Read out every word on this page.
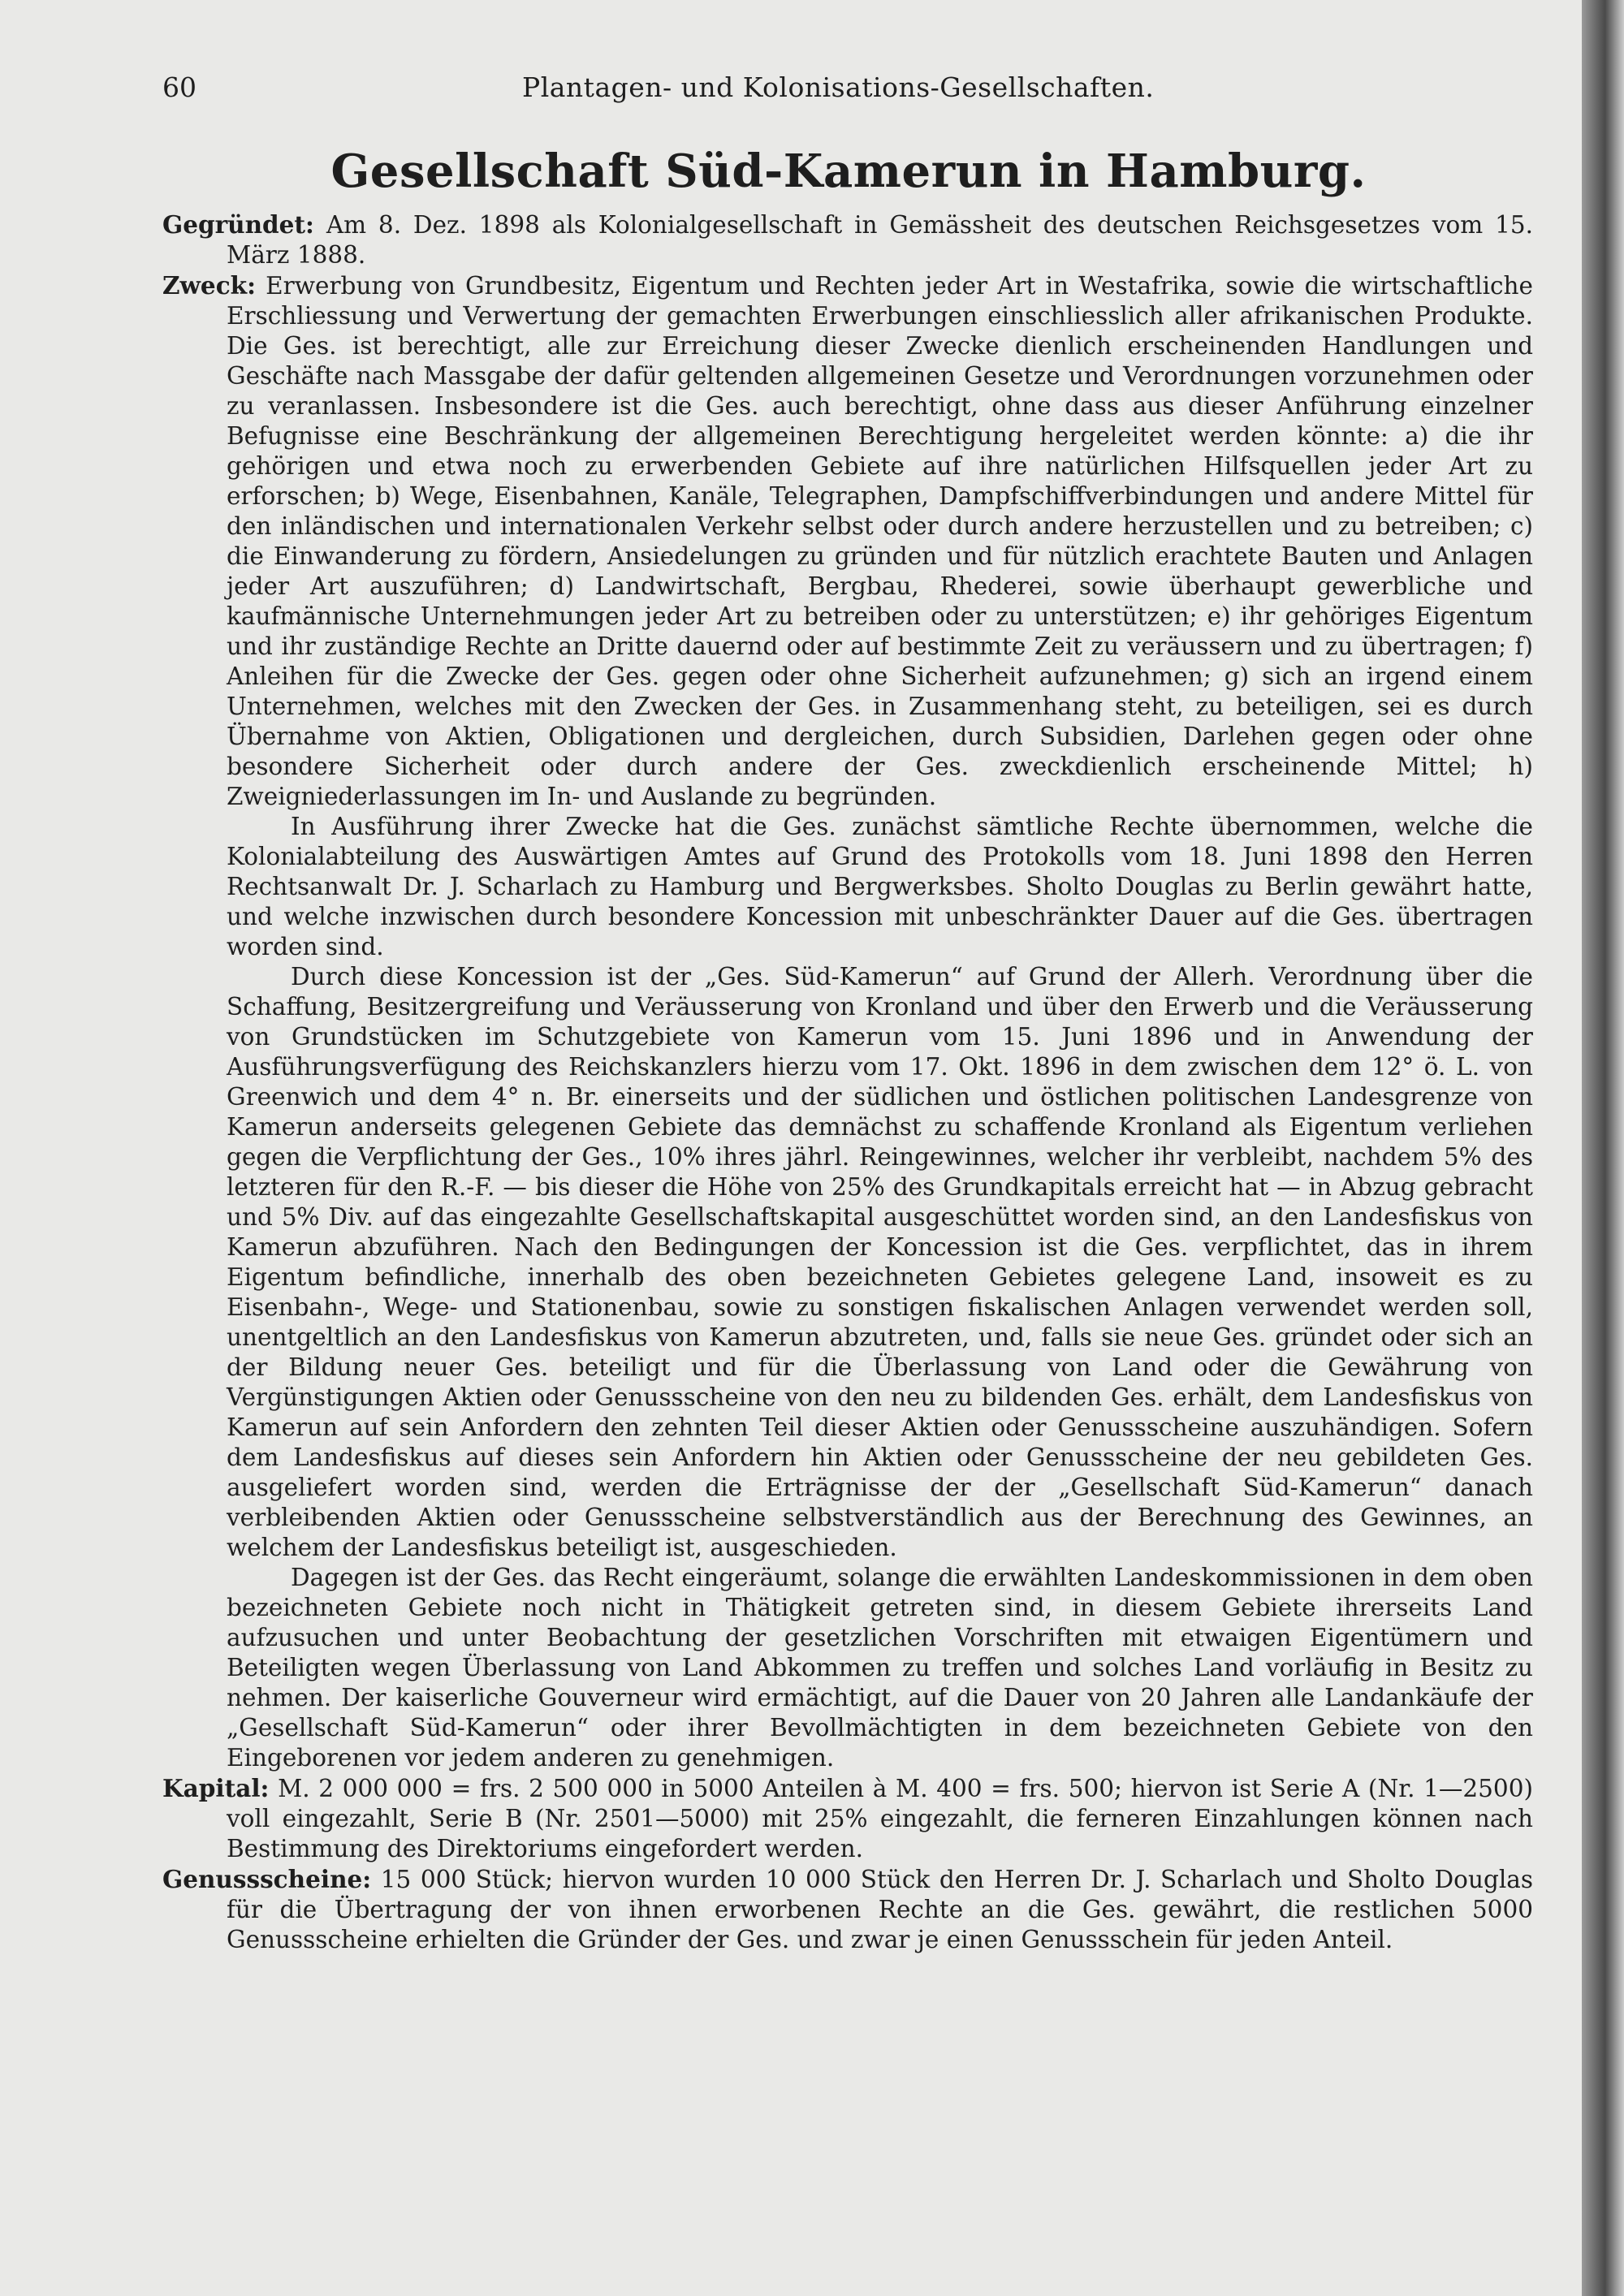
60	Plantagen- und Kolonisations-Gesellschaften.
Gesellschaft Süd-Kamerun in Hamburg.

Gegründet: Am 8. Dez. 1898 als Kolonialgesellschaft in Gemässheit des deutschen Reichsgesetzes vom 15. März 1888.

Zweck: Erwerbung von Grundbesitz, Eigentum und Rechten jeder Art in Westafrika, sowie die wirtschaftliche Erschliessung und Verwertung der gemachten Erwerbungen einschliesslich aller afrikanischen Produkte. Die Ges. ist berechtigt, alle zur Erreichung dieser Zwecke dienlich erscheinenden Handlungen und Geschäfte nach Massgabe der dafür geltenden allgemeinen Gesetze und Verordnungen vorzunehmen oder zu veranlassen. Insbesondere ist die Ges. auch berechtigt, ohne dass aus dieser Anführung einzelner Befugnisse eine Beschränkung der allgemeinen Berechtigung hergeleitet werden könnte: a) die ihr gehörigen und etwa noch zu erwerbenden Gebiete auf ihre natürlichen Hilfsquellen jeder Art zu erforschen; b) Wege, Eisenbahnen, Kanäle, Telegraphen, Dampfschiffverbindungen und andere Mittel für den inländischen und internationalen Verkehr selbst oder durch andere herzustellen und zu betreiben; c) die Einwanderung zu fördern, Ansiedelungen zu gründen und für nützlich erachtete Bauten und Anlagen jeder Art auszuführen; d) Landwirtschaft, Bergbau, Rhederei, sowie überhaupt gewerbliche und kaufmännische Unternehmungen jeder Art zu betreiben oder zu unterstützen; e) ihr gehöriges Eigentum und ihr zuständige Rechte an Dritte dauernd oder auf bestimmte Zeit zu veräussern und zu übertragen; f) Anleihen für die Zwecke der Ges. gegen oder ohne Sicherheit aufzunehmen; g) sich an irgend einem Unternehmen, welches mit den Zwecken der Ges. in Zusammenhang steht, zu beteiligen, sei es durch Übernahme von Aktien, Obligationen und dergleichen, durch Subsidien, Darlehen gegen oder ohne besondere Sicherheit oder durch andere der Ges. zweckdienlich erscheinende Mittel; h) Zweigniederlassungen im In- und Auslande zu begründen.

In Ausführung ihrer Zwecke hat die Ges. zunächst sämtliche Rechte übernommen, welche die Kolonialabteilung des Auswärtigen Amtes auf Grund des Protokolls vom 18. Juni 1898 den Herren Rechtsanwalt Dr. J. Scharlach zu Hamburg und Bergwerksbes. Sholto Douglas zu Berlin gewährt hatte, und welche inzwischen durch besondere Koncession mit unbeschränkter Dauer auf die Ges. übertragen worden sind.

Durch diese Koncession ist der „Ges. Süd-Kamerun“ auf Grund der Allerh. Verordnung über die Schaffung, Besitzergreifung und Veräusserung von Kronland und über den Erwerb und die Veräusserung von Grundstücken im Schutzgebiete von Kamerun vom 15. Juni 1896 und in Anwendung der Ausführungsverfügung des Reichskanzlers hierzu vom 17. Okt. 1896 in dem zwischen dem 12° ö. L. von Greenwich und dem 4° n. Br. einerseits und der südlichen und östlichen politischen Landesgrenze von Kamerun anderseits gelegenen Gebiete das demnächst zu schaffende Kronland als Eigentum verliehen gegen die Verpflichtung der Ges., 10% ihres jährl. Reingewinnes, welcher ihr verbleibt, nachdem 5% des letzteren für den R.-F. — bis dieser die Höhe von 25% des Grundkapitals erreicht hat — in Abzug gebracht und 5% Div. auf das eingezahlte Gesellschaftskapital ausgeschüttet worden sind, an den Landesfiskus von Kamerun abzuführen. Nach den Bedingungen der Koncession ist die Ges. verpflichtet, das in ihrem Eigentum befindliche, innerhalb des oben bezeichneten Gebietes gelegene Land, insoweit es zu Eisenbahn-, Wege- und Stationenbau, sowie zu sonstigen fiskalischen Anlagen verwendet werden soll, unentgeltlich an den Landesfiskus von Kamerun abzutreten, und, falls sie neue Ges. gründet oder sich an der Bildung neuer Ges. beteiligt und für die Überlassung von Land oder die Gewährung von Vergünstigungen Aktien oder Genussscheine von den neu zu bildenden Ges. erhält, dem Landesfiskus von Kamerun auf sein Anfordern den zehnten Teil dieser Aktien oder Genussscheine auszuhändigen. Sofern dem Landesfiskus auf dieses sein Anfordern hin Aktien oder Genussscheine der neu gebildeten Ges. ausgeliefert worden sind, werden die Erträgnisse der der „Gesellschaft Süd-Kamerun“ danach verbleibenden Aktien oder Genussscheine selbstverständlich aus der Berechnung des Gewinnes, an welchem der Landesfiskus beteiligt ist, ausgeschieden.

Dagegen ist der Ges. das Recht eingeräumt, solange die erwählten Landeskommissionen in dem oben bezeichneten Gebiete noch nicht in Thätigkeit getreten sind, in diesem Gebiete ihrerseits Land aufzusuchen und unter Beobachtung der gesetzlichen Vorschriften mit etwaigen Eigentümern und Beteiligten wegen Überlassung von Land Abkommen zu treffen und solches Land vorläufig in Besitz zu nehmen. Der kaiserliche Gouverneur wird ermächtigt, auf die Dauer von 20 Jahren alle Landankäufe der „Gesellschaft Süd-Kamerun“ oder ihrer Bevollmächtigten in dem bezeichneten Gebiete von den Eingeborenen vor jedem anderen zu genehmigen.

Kapital: M. 2 000 000 = frs. 2 500 000 in 5000 Anteilen à M. 400 = frs. 500; hiervon ist Serie A (Nr. 1—2500) voll eingezahlt, Serie B (Nr. 2501—5000) mit 25% eingezahlt, die ferneren Einzahlungen können nach Bestimmung des Direktoriums eingefordert werden.

Genussscheine: 15 000 Stück; hiervon wurden 10 000 Stück den Herren Dr. J. Scharlach und Sholto Douglas für die Übertragung der von ihnen erworbenen Rechte an die Ges. gewährt, die restlichen 5000 Genussscheine erhielten die Gründer der Ges. und zwar je einen Genussschein für jeden Anteil.
